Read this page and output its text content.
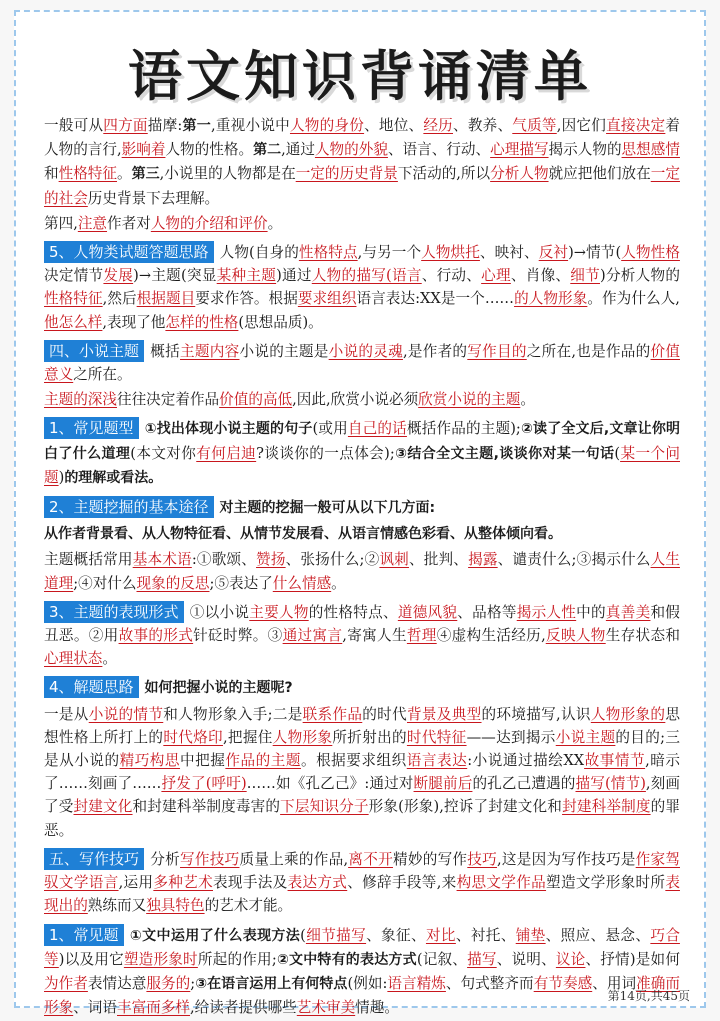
语文知识背诵清单

一般可从四方面描摩:第一,重视小说中人物的身份、地位、经历、教养、气质等,因它们直接决定着人物的言行,影响着人物的性格。第二,通过人物的外貌、语言、行动、心理描写揭示人物的思想感情和性格特征。第三,小说里的人物都是在一定的历史背景下活动的,所以分析人物就应把他们放在一定的社会历史背景下去理解。

第四,注意作者对人物的介绍和评价。

5、人物类试题答题思路 人物(自身的性格特点,与另一个人物烘托、映衬、反衬)→情节(人物性格决定情节发展)→主题(突显某种主题)通过人物的描写(语言、行动、心理、肖像、细节)分析人物的性格特征,然后根据题目要求作答。根据要求组织语言表达:XX是一个……的人物形象。作为什么人,他怎么样,表现了他怎样的性格(思想品质)。

四、小说主题 概括主题内容小说的主题是小说的灵魂,是作者的写作目的之所在,也是作品的价值意义之所在。

主题的深浅往往决定着作品价值的高低,因此,欣赏小说必须欣赏小说的主题。

1、常见题型 ①找出体现小说主题的句子(或用自己的话概括作品的主题);②读了全文后,文章让你明白了什么道理(本文对你有何启迪?谈谈你的一点体会);③结合全文主题,谈谈你对某一句话(某一个问题)的理解或看法。

2、主题挖掘的基本途径 对主题的挖掘一般可从以下几方面:

从作者背景看、从人物特征看、从情节发展看、从语言情感色彩看、从整体倾向看。

主题概括常用基本术语:①歌颂、赞扬、张扬什么;②讽刺、批判、揭露、谴责什么;③揭示什么人生道理;④对什么现象的反思;⑤表达了什么情感。

3、主题的表现形式 ①以小说主要人物的性格特点、道德风貌、品格等揭示人性中的真善美和假丑恶。②用故事的形式针砭时弊。③通过寓言,寄寓人生哲理④虚构生活经历,反映人物生存状态和心理状态。

4、解题思路 如何把握小说的主题呢?

一是从小说的情节和人物形象入手;二是联系作品的时代背景及典型的环境描写,认识人物形象的思想性格上所打上的时代烙印,把握住人物形象所折射出的时代特征——达到揭示小说主题的目的;三是从小说的精巧构思中把握作品的主题。根据要求组织语言表达:小说通过描绘XX故事情节,暗示了……刻画了……抒发了(呼吁)……如《孔乙己》:通过对断腿前后的孔乙己遭遇的描写(情节),刻画了受封建文化和封建科举制度毒害的下层知识分子形象(形象),控诉了封建文化和封建科举制度的罪恶。

五、写作技巧 分析写作技巧质量上乘的作品,离不开精妙的写作技巧,这是因为写作技巧是作家驾驭文学语言,运用多种艺术表现手法及表达方式、修辞手段等,来构思文学作品塑造文学形象时所表现出的熟练而又独具特色的艺术才能。

1、常见题 ①文中运用了什么表现方法(细节描写、象征、对比、衬托、铺垫、照应、悬念、巧合等)以及用它塑造形象时所起的作用;②文中特有的表达方式(记叙、描写、说明、议论、抒情)是如何为作者表情达意服务的;③在语言运用上有何特点(例如:语言精炼、句式整齐而有节奏感、用词准确而形象、词语丰富而多样,给读者提供哪些艺术审美情趣。

第14页,共45页
